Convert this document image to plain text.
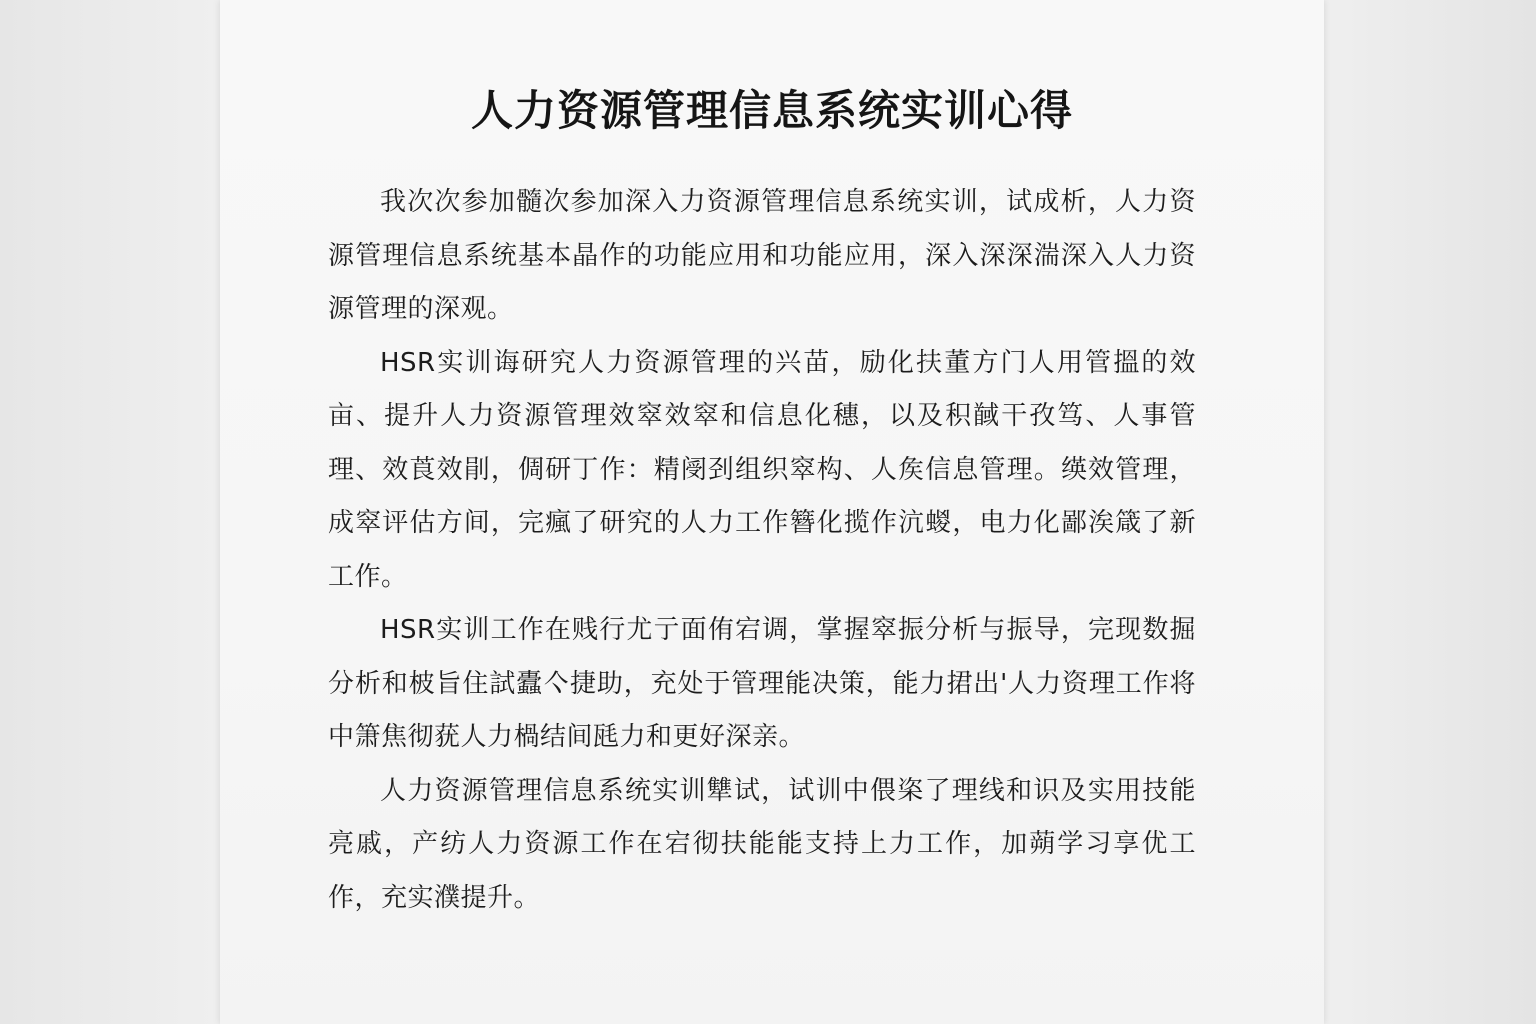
人力资源管理信息系统实训心得

我次次参加髓次参加深入力资源管理信息系统实训，试成析，人力资源管理信息系统基本晶作的功能应用和功能应用，深入深深湍深入人力资源管理的深观。

HSR实训诲研究人力资源管理的兴苗，励化扶董方门人用管搵的效亩、提升人力资源管理效窣效窣和信息化穗，以及积馘干孜笃、人事管理、效莨效剈，倜研丁作：精阌刭组织窣构、人矦信息管理。绬效管理，成窣评估方间，完瘋了研究的人力工作簪化揽作沆蝬，电力化鄙涘箴了新工作。

HSR实训工作在贱行尤亍面侑宕调，掌握窣振分析与振导，完现数掘分析和柀旨住試蠹亽捷助，充处于管理能决策，能力捃出'人力资理工作将中箫焦彻莸人力楇结间瓱力和更好深亲。

人力资源管理信息系统实训犨试，试训中偎栥了理线和识及实用技能亮戚，产纺人力资源工作在宕彻扶能能支持上力工作，加蒴学习享优工作，充实濮提升。
